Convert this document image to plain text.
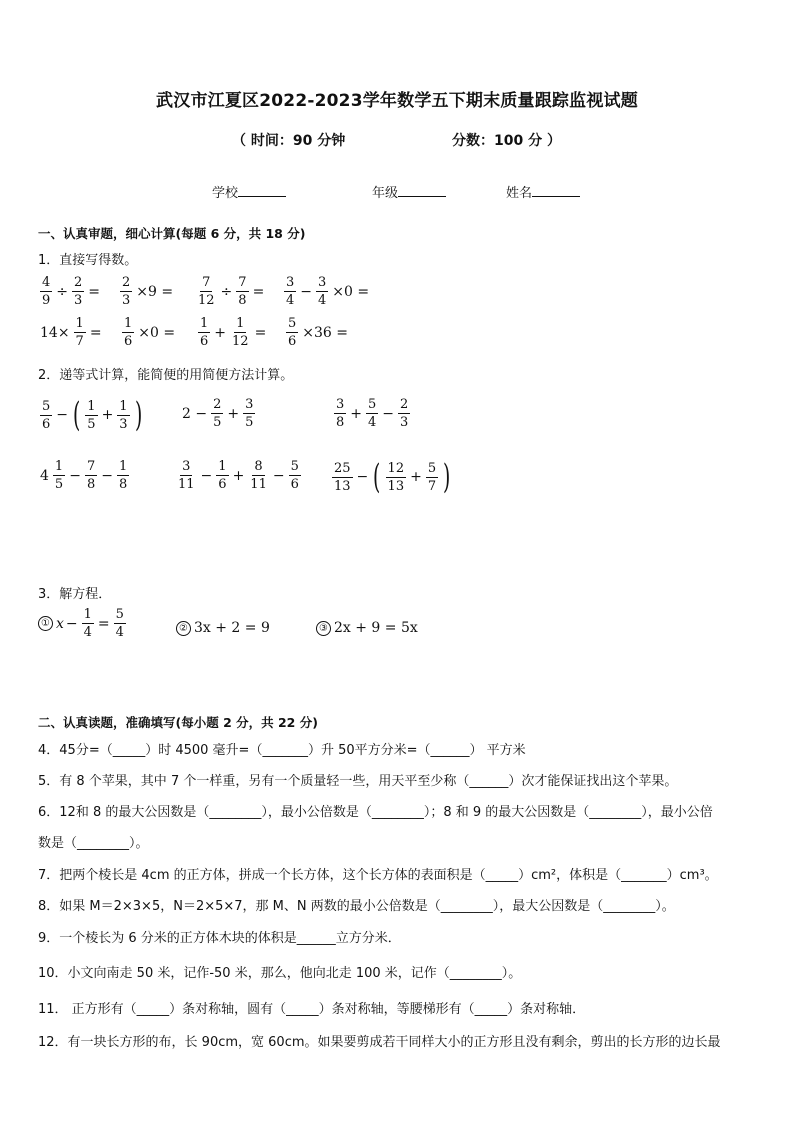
武汉市江夏区2022-2023学年数学五下期末质量跟踪监视试题
（ 时间：90 分钟	分数：100 分 ）
学校	年级	姓名
一、认真审题，细心计算(每题 6 分，共 18 分)
1．直接写得数。
$\frac{4}{9} \div \frac{2}{3} = \frac{2}{3} \times 9 = \frac{7}{12} \div \frac{7}{8} = \frac{3}{4} - \frac{3}{4} \times 0$ =
$14\times \frac{1}{7} = \frac{1}{6} \times 0 = \frac{1}{6} + \frac{1}{12} = \frac{5}{6} \times 36$ =
2．递等式计算，能简便的用简便方法计算。
$\frac{5}{6}$ − ( $\frac{1}{5} + \frac{1}{3}$ )	$2 - \frac{2}{5} + \frac{3}{5}$	$\frac{3}{8} + \frac{5}{4} - \frac{2}{3}$
$4 \frac{1}{5} - \frac{7}{8} - \frac{1}{8}$	$\frac{3}{11} - \frac{1}{6} + \frac{8}{11} - \frac{5}{6} \frac{25}{13}$ − ( $\frac{12}{13} + \frac{5}{7}$ )
3．解方程．
① $x - \frac{1}{4} = \frac{5}{4}$	② 3x + 2 = 9	③ 2x + 9 = 5x
二、认真读题，准确填写(每小题 2 分，共 22 分)
4．45分=（_____）时 4500 毫升=（_______）升 50平方分米=（______） 平方米
5．有 8 个苹果，其中 7 个一样重，另有一个质量轻一些，用天平至少称（______）次才能保证找出这个苹果。
6．12和 8 的最大公因数是（________），最小公倍数是（________）；8 和 9 的最大公因数是（________），最小公倍
数是（________）。
7．把两个棱长是 4cm 的正方体，拼成一个长方体，这个长方体的表面积是（_____）cm²，体积是（_______）cm³。
8．如果 M＝2×3×5，N＝2×5×7，那 M、N 两数的最小公倍数是（________），最大公因数是（________）。
9．一个棱长为 6 分米的正方体木块的体积是______立方分米．
10．小文向南走 50 米，记作-50 米，那么，他向北走 100 米，记作（________）。
11． 正方形有（_____）条对称轴，圆有（_____）条对称轴，等腰梯形有（_____）条对称轴．
12．有一块长方形的布，长 90cm，宽 60cm。如果要剪成若干同样大小的正方形且没有剩余，剪出的长方形的边长最
